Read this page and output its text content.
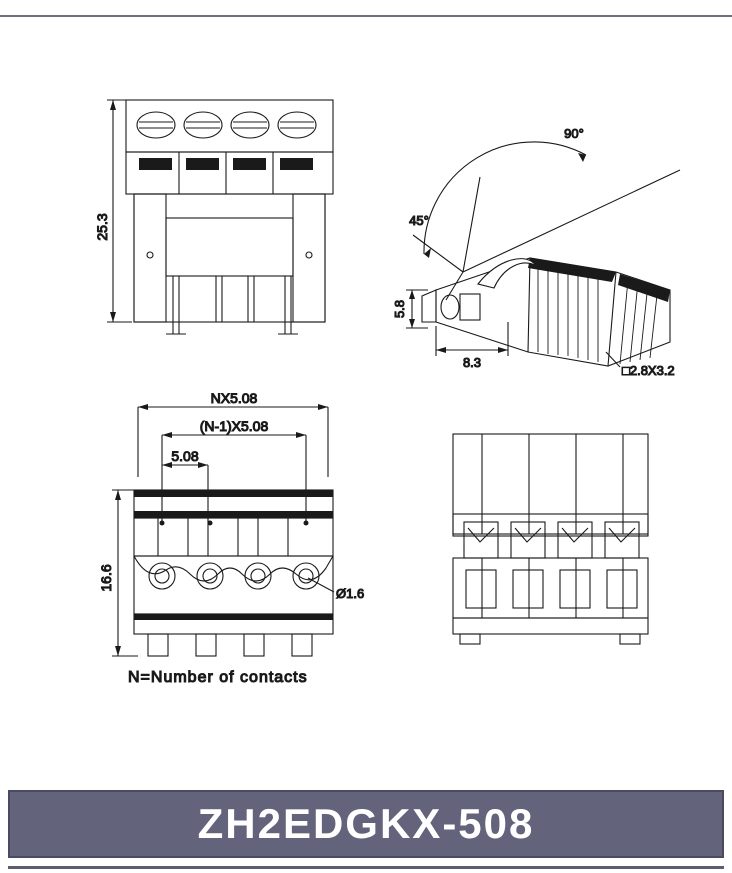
25.3
90°
45°
5.8
8.3
□2.8X3.2
NX5.08
(N-1)X5.08
5.08
16.6
Ø1.6
N=Number of contacts
ZH2EDGKX-508
